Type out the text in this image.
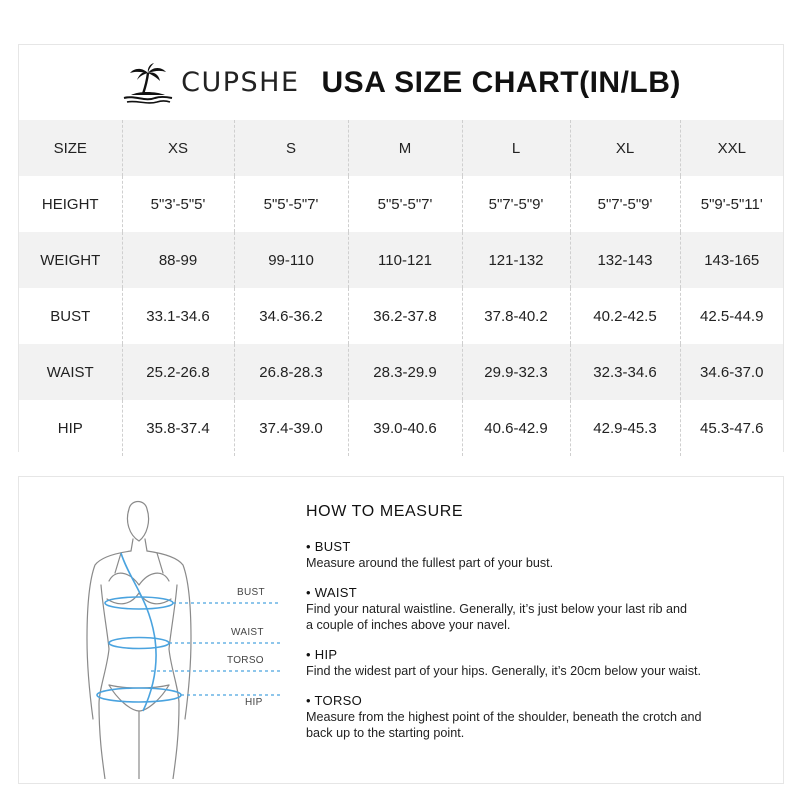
CUPSHE USA SIZE CHART(IN/LB)
SIZE	XS	S	M	L	XL	XXL
HEIGHT	5"3'-5"5'	5"5'-5"7'	5"5'-5"7'	5"7'-5"9'	5"7'-5"9'	5"9'-5"11'
WEIGHT	88-99	99-110	110-121	121-132	132-143	143-165
BUST	33.1-34.6	34.6-36.2	36.2-37.8	37.8-40.2	40.2-42.5	42.5-44.9
WAIST	25.2-26.8	26.8-28.3	28.3-29.9	29.9-32.3	32.3-34.6	34.6-37.0
HIP	35.8-37.4	37.4-39.0	39.0-40.6	40.6-42.9	42.9-45.3	45.3-47.6
BUST
WAIST
TORSO
HIP
HOW TO MEASURE
• BUST
Measure around the fullest part of your bust.
• WAIST
Find your natural waistline. Generally, it’s just below your last rib and
a couple of inches above your navel.
• HIP
Find the widest part of your hips. Generally, it’s 20cm below your waist.
• TORSO
Measure from the highest point of the shoulder, beneath the crotch and
back up to the starting point.
